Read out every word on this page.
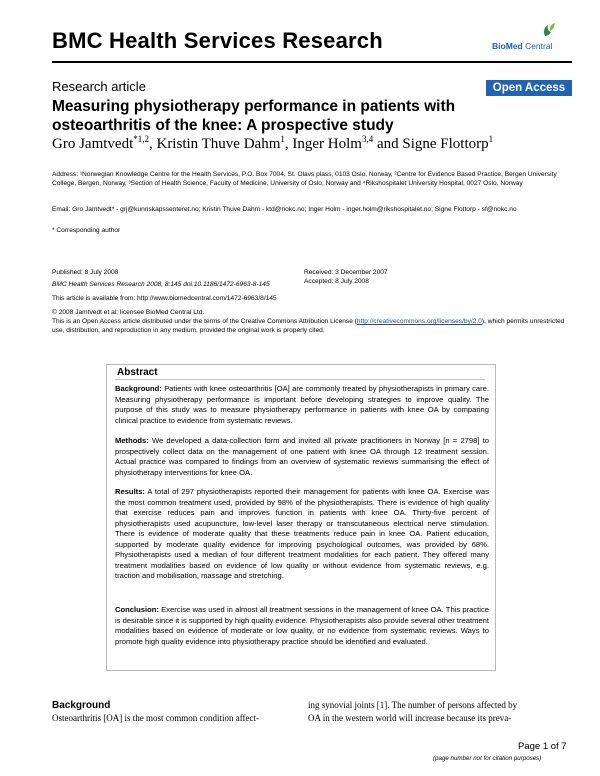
BMC Health Services Research	BioMed Central
Research article	Open Access
Measuring physiotherapy performance in patients with osteoarthritis of the knee: A prospective study
Gro Jamtvedt$^{*1,2}$, Kristin Thuve Dahm$^1$, Inger Holm$^{3,4}$ and Signe Flottorp$^1$
Address: ¹Norwegian Knowledge Centre for the Health Services, P.O. Box 7004, St. Olavs plass, 0103 Oslo, Norway, ²Centre for Evidence Based Practice, Bergen University College, Bergen, Norway, ³Section of Health Science, Faculty of Medicine, University of Oslo, Norway and ⁴Rikshospitalet University Hospital, 0027 Oslo, Norway
Email: Gro Jamtvedt* - grj@kunnskapssenteret.no; Kristin Thuve Dahm - ktd@nokc.no; Inger Holm - inger.holm@rikshospitalet.no; Signe Flottorp - sf@nokc.no
* Corresponding author
Published: 8 July 2008
BMC Health Services Research 2008, 8:145 doi:10.1186/1472-6963-8-145
Received: 3 December 2007
Accepted: 8 July 2008
This article is available from: http://www.biomedcentral.com/1472-6963/8/145
© 2008 Jamtvedt et al; licensee BioMed Central Ltd.
This is an Open Access article distributed under the terms of the Creative Commons Attribution License (http://creativecommons.org/licenses/by/2.0), which permits unrestricted use, distribution, and reproduction in any medium, provided the original work is properly cited.
Abstract
Background: Patients with knee osteoarthritis [OA] are commonly treated by physiotherapists in primary care. Measuring physiotherapy performance is important before developing strategies to improve quality. The purpose of this study was to measure physiotherapy performance in patients with knee OA by comparing clinical practice to evidence from systematic reviews.
Methods: We developed a data-collection form and invited all private practitioners in Norway [n = 2798] to prospectively collect data on the management of one patient with knee OA through 12 treatment session. Actual practice was compared to findings from an overview of systematic reviews summarising the effect of physiotherapy interventions for knee OA.
Results: A total of 297 physiotherapists reported their management for patients with knee OA. Exercise was the most common treatment used, provided by 98% of the physiotherapists. There is evidence of high quality that exercise reduces pain and improves function in patients with knee OA. Thirty-five percent of physiotherapists used acupuncture, low-level laser therapy or transcutaneous electrical nerve stimulation. There is evidence of moderate quality that these treatments reduce pain in knee OA. Patient education, supported by moderate quality evidence for improving psychological outcomes, was provided by 68%. Physiotherapists used a median of four different treatment modalities for each patient. They offered many treatment modalities based on evidence of low quality or without evidence from systematic reviews, e.g. traction and mobilisation, massage and stretching.
Conclusion: Exercise was used in almost all treatment sessions in the management of knee OA. This practice is desirable since it is supported by high quality evidence. Physiotherapists also provide several other treatment modalities based on evidence of moderate or low quality, or no evidence from systematic reviews. Ways to promote high quality evidence into physiotherapy practice should be identified and evaluated.
Background
Osteoarthritis [OA] is the most common condition affect-
ing synovial joints [1]. The number of persons affected by
OA in the western world will increase because its preva-
Page 1 of 7
(page number not for citation purposes)
